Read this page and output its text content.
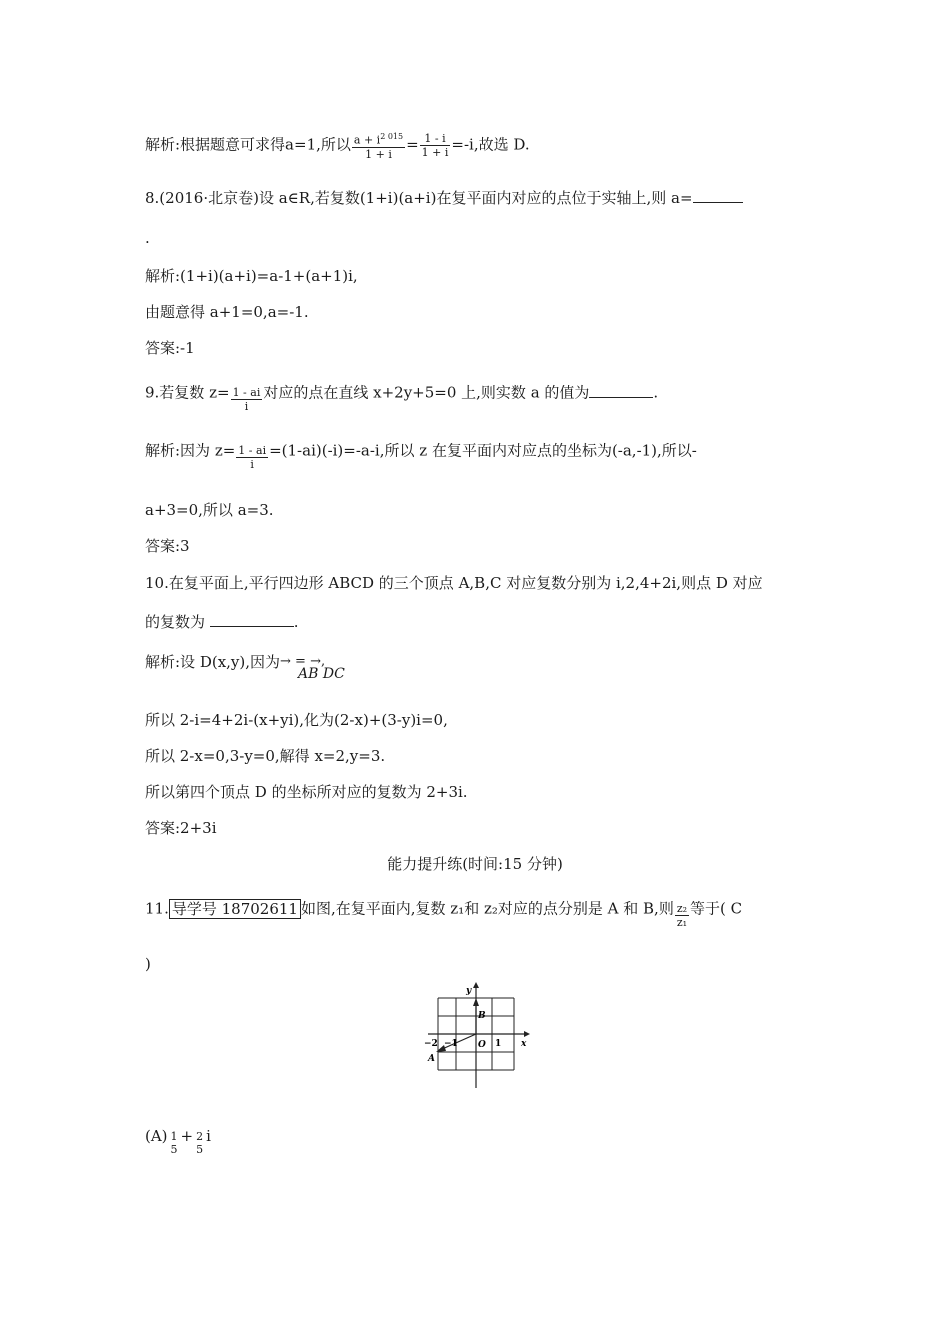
解析:根据题意可求得a=1,所以 $\frac{a + i^{2 015}}{1 + i} = \frac{1 - i}{1 + i} =-i$,故选 D.
8.(2016·北京卷)设 a∈R,若复数(1+i)(a+i)在复平面内对应的点位于实轴上,则 a=
.
解析:(1+i)(a+i)=a-1+(a+1)i,
由题意得 a+1=0,a=-1.
答案:-1
9.若复数 $z= \frac{1 - ai}{i}$ 对应的点在直线 x+2y+5=0 上,则实数 a 的值为	.
解析:因为 $z= \frac{1 - ai}{i} =(1-ai)(-i)=-a-i$,所以 z 在复平面内对应点的坐标为(-a,-1),所以-
a+3=0,所以 a=3.
答案:3
10.在复平面上,平行四边形 ABCD 的三个顶点 A,B,C 对应复数分别为 i,2,4+2i,则点 D 对应
的复数为	.
解析:设 D(x,y),因为→ = →,
AB DC
所以 2-i=4+2i-(x+yi),化为(2-x)+(3-y)i=0,
所以 2-x=0,3-y=0,解得 x=2,y=3.
所以第四个顶点 D 的坐标所对应的复数为 2+3i.
答案:2+3i
能力提升练(时间:15 分钟)
11. 导学号 18702611 如图,在复平面内,复数 z₁和 z₂对应的点分别是 A 和 B,则 $\frac{\text{z₂}}{\text{z₁}}$ 等于( C
)
y
x
B
O
A
−2 −1	1
(A) 1
5
+ 2
5
i
